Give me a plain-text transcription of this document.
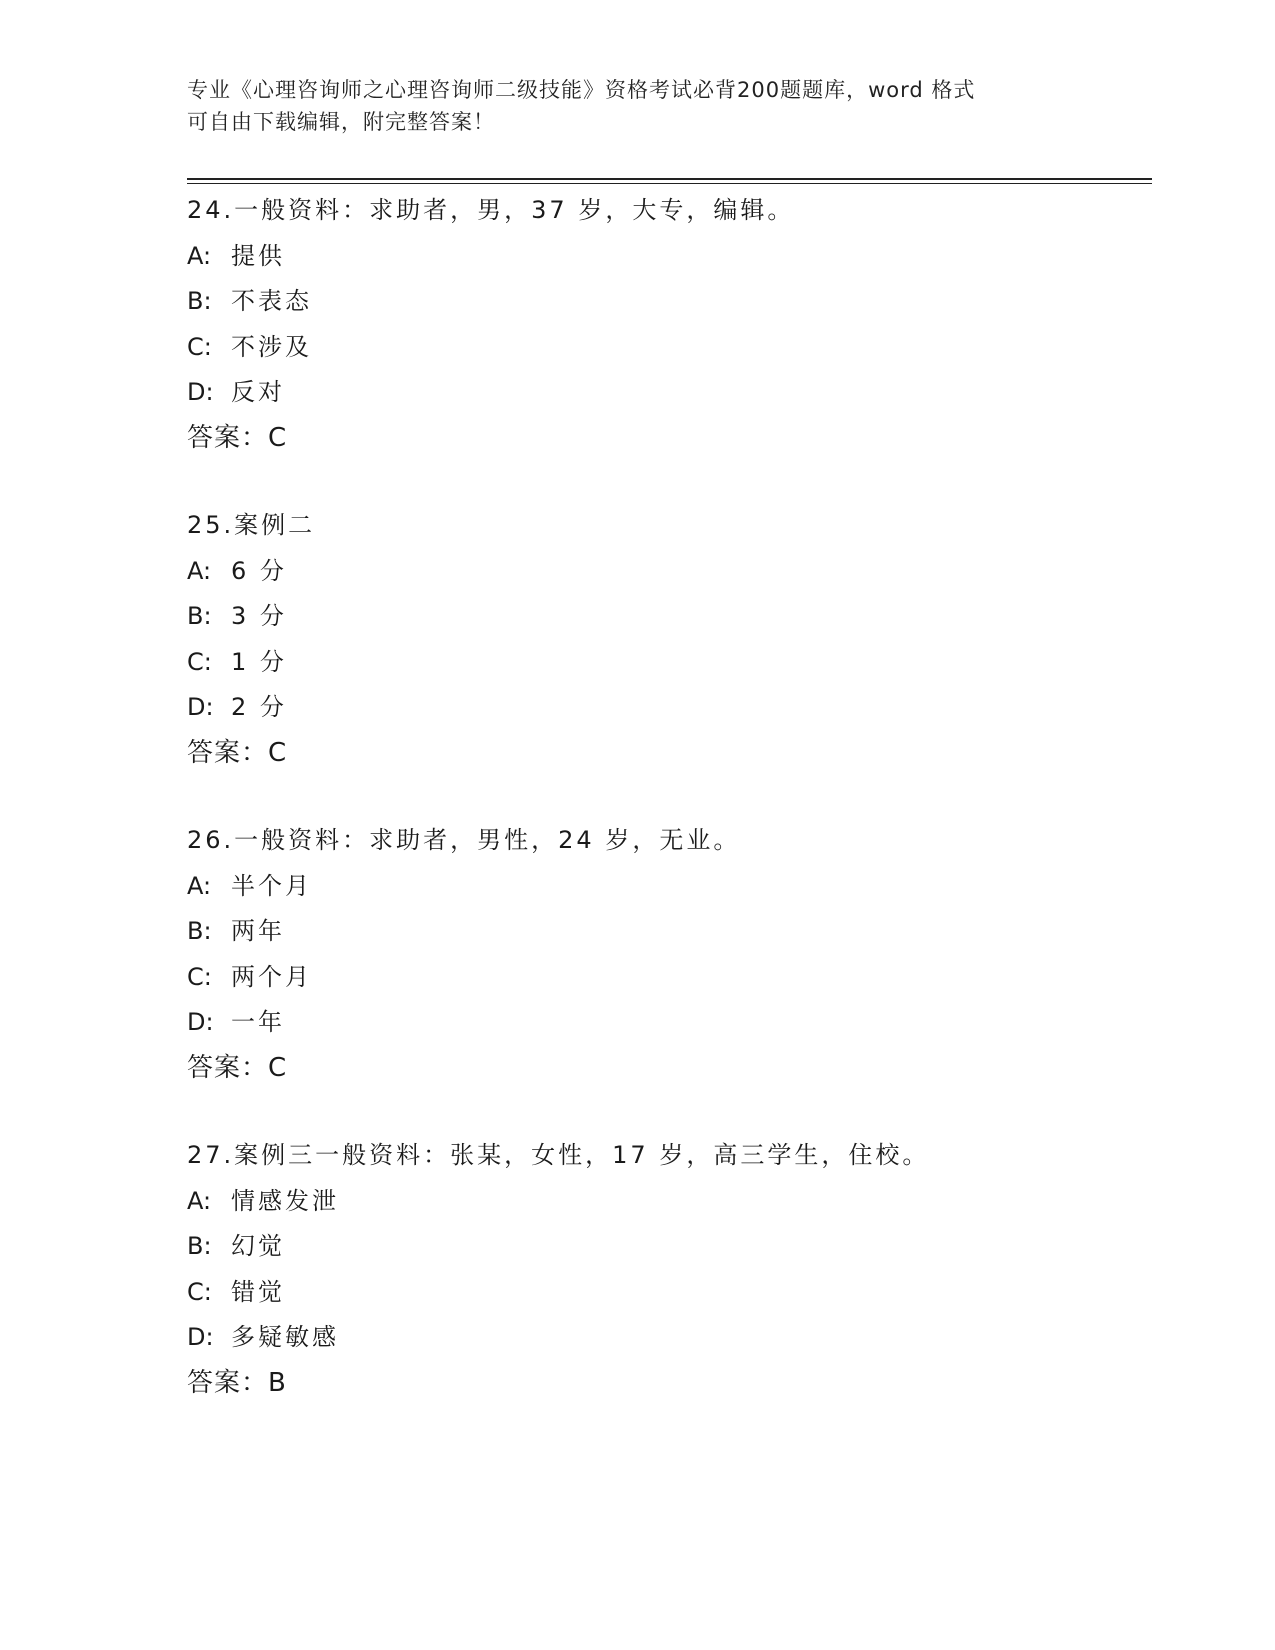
专业《心理咨询师之心理咨询师二级技能》资格考试必背200题题库，word 格式
可自由下载编辑，附完整答案！
24.一般资料：求助者，男，37 岁，大专，编辑。
A: 提供
B: 不表态
C: 不涉及
D: 反对
答案：C
25.案例二
A: 6 分
B: 3 分
C: 1 分
D: 2 分
答案：C
26.一般资料：求助者，男性，24 岁，无业。
A: 半个月
B: 两年
C: 两个月
D: 一年
答案：C
27.案例三一般资料：张某，女性，17 岁，高三学生，住校。
A: 情感发泄
B: 幻觉
C: 错觉
D: 多疑敏感
答案：B
